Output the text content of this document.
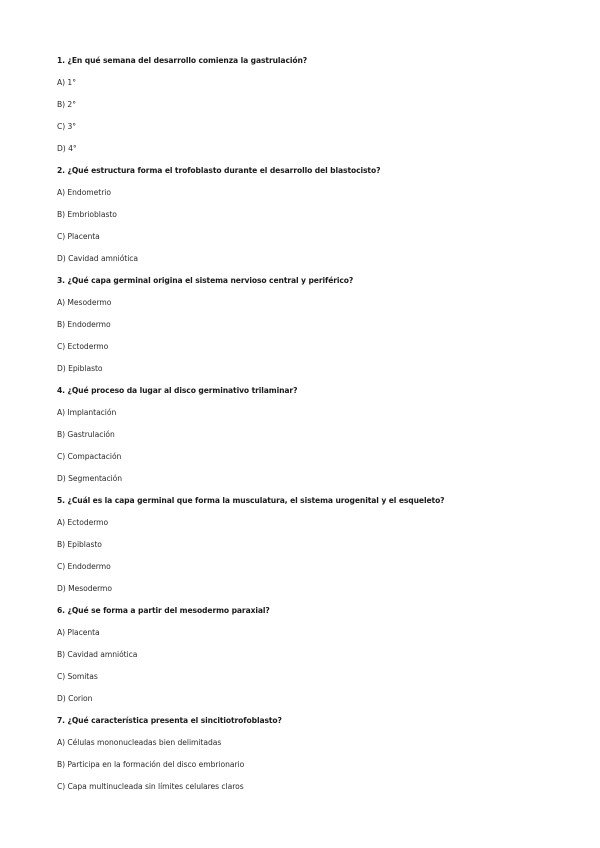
1. ¿En qué semana del desarrollo comienza la gastrulación?

A) 1°

B) 2°

C) 3°

D) 4°

2. ¿Qué estructura forma el trofoblasto durante el desarrollo del blastocisto?

A) Endometrio

B) Embrioblasto

C) Placenta

D) Cavidad amniótica

3. ¿Qué capa germinal origina el sistema nervioso central y periférico?

A) Mesodermo

B) Endodermo

C) Ectodermo

D) Epiblasto

4. ¿Qué proceso da lugar al disco germinativo trilaminar?

A) Implantación

B) Gastrulación

C) Compactación

D) Segmentación

5. ¿Cuál es la capa germinal que forma la musculatura, el sistema urogenital y el esqueleto?

A) Ectodermo

B) Epiblasto

C) Endodermo

D) Mesodermo

6. ¿Qué se forma a partir del mesodermo paraxial?

A) Placenta

B) Cavidad amniótica

C) Somitas

D) Corion

7. ¿Qué característica presenta el sincitiotrofoblasto?

A) Células mononucleadas bien delimitadas

B) Participa en la formación del disco embrionario

C) Capa multinucleada sin límites celulares claros
